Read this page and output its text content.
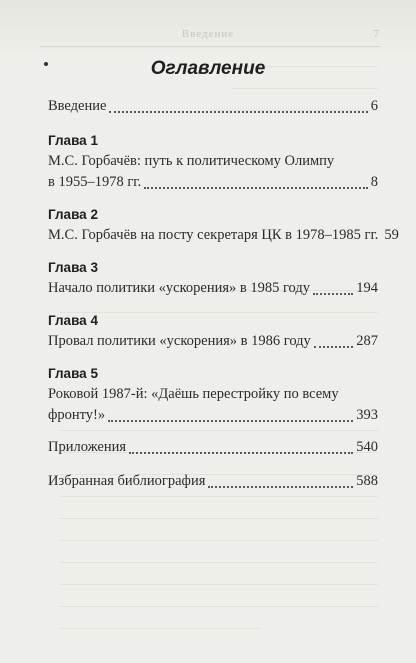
Введение	7
Оглавление
Введение	6
Глава 1
М.С. Горбачёв: путь к политическому Олимпу
в 1955–1978 гг.	8
Глава 2
М.С. Горбачёв на посту секретаря ЦК в 1978–1985 гг. 59
Глава 3
Начало политики «ускорения» в 1985 году	194
Глава 4
Провал политики «ускорения» в 1986 году	287
Глава 5
Роковой 1987-й: «Даёшь перестройку по всему
фронту!»	393
Приложения	540
Избранная библиография	588
